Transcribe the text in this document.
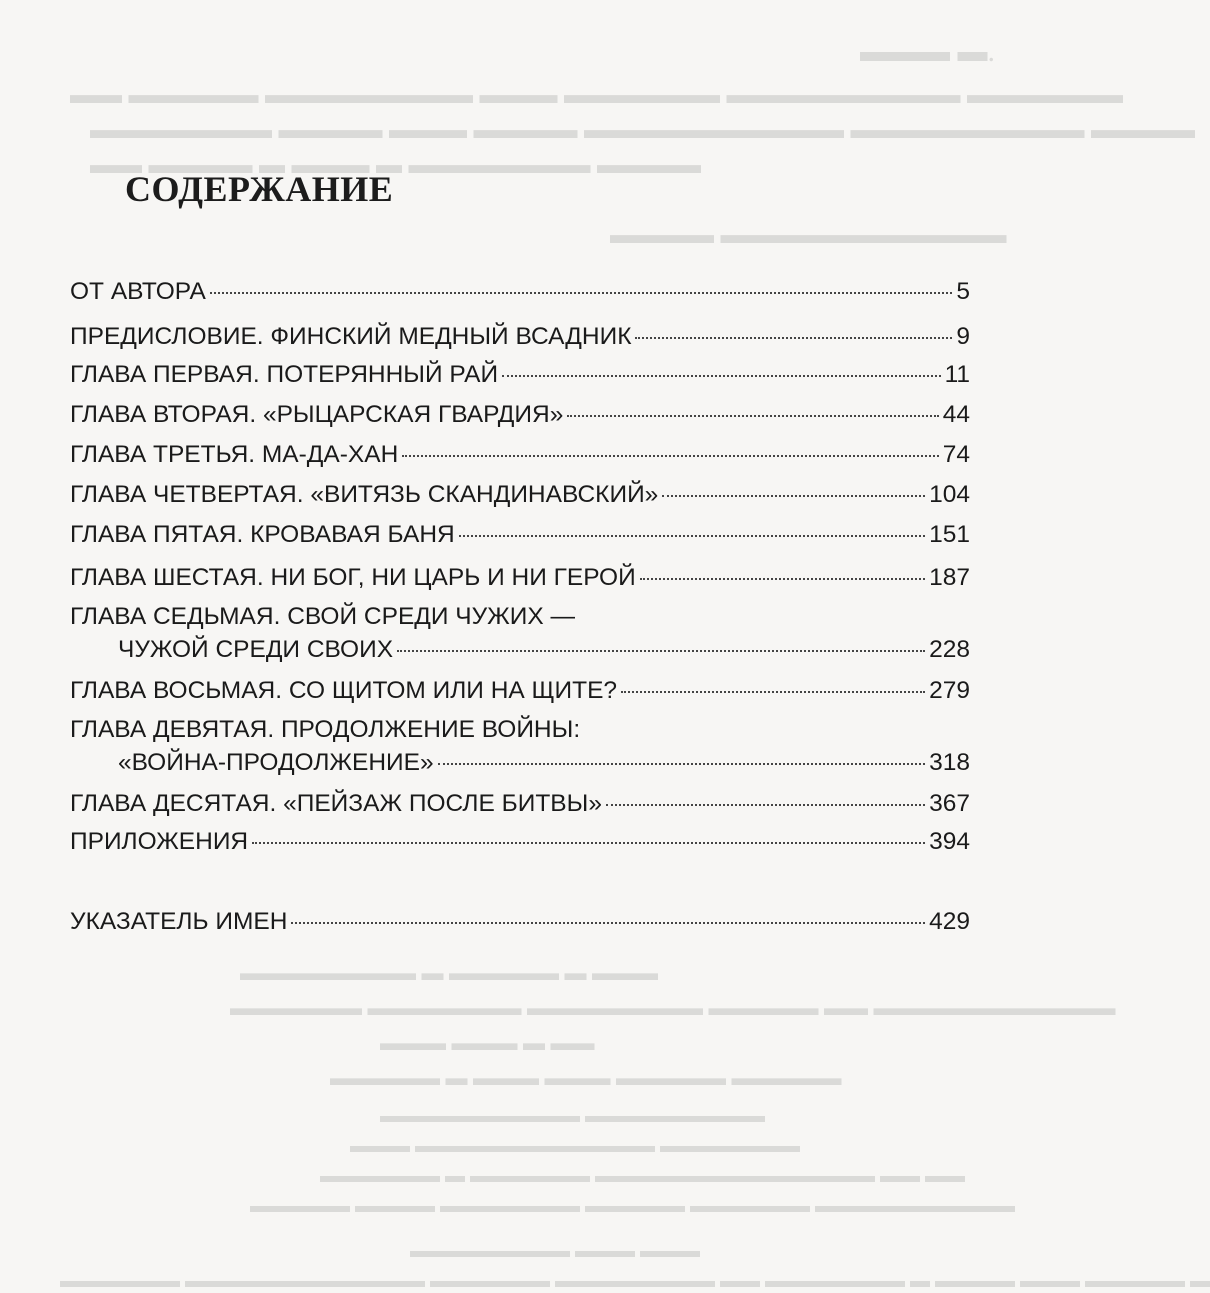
▬▬▬ ▬.
▬▬ ▬▬▬▬▬ ▬▬▬▬▬▬▬▬ ▬▬▬ ▬▬▬▬▬▬ ▬▬▬▬▬▬▬▬▬ ▬▬▬▬▬▬
▬▬▬▬▬▬▬ ▬▬▬▬ ▬▬▬ ▬▬▬▬ ▬▬▬▬▬▬▬▬▬▬ ▬▬▬▬▬▬▬▬▬ ▬▬▬▬
▬▬ ▬▬▬▬ ▬ ▬▬▬ ▬ ▬▬▬▬▬▬▬ ▬▬▬▬
▬▬▬▬ ▬▬▬▬▬▬▬▬▬▬▬
▬▬▬▬▬▬▬▬ ▬ ▬▬▬▬▬ ▬ ▬▬▬
▬▬▬▬▬▬ ▬▬▬▬▬▬▬ ▬▬▬▬▬▬▬▬ ▬▬▬▬▬ ▬▬ ▬▬▬▬▬▬▬▬▬▬▬
▬▬▬ ▬▬▬ ▬ ▬▬
▬▬▬▬▬ ▬ ▬▬▬ ▬▬▬ ▬▬▬▬▬ ▬▬▬▬▬
▬▬▬▬▬▬▬▬▬▬ ▬▬▬▬▬▬▬▬▬
▬▬▬ ▬▬▬▬▬▬▬▬▬▬▬▬ ▬▬▬▬▬▬▬
▬▬▬▬▬▬ ▬ ▬▬▬▬▬▬ ▬▬▬▬▬▬▬▬▬▬▬▬▬▬ ▬▬ ▬▬
▬▬▬▬▬ ▬▬▬▬ ▬▬▬▬▬▬▬ ▬▬▬▬▬ ▬▬▬▬▬▬ ▬▬▬▬▬▬▬▬▬▬
▬▬▬▬▬▬▬▬ ▬▬▬ ▬▬▬
▬▬▬▬▬▬ ▬▬▬▬▬▬▬▬▬▬▬▬ ▬▬▬▬▬▬ ▬▬▬▬▬▬▬▬ ▬▬ ▬▬▬▬▬▬▬ ▬ ▬▬▬▬ ▬▬▬ ▬▬▬▬▬ ▬
СОДЕРЖАНИЕ
ОТ АВТОРА	5
ПРЕДИСЛОВИЕ. ФИНСКИЙ МЕДНЫЙ ВСАДНИК	9
ГЛАВА ПЕРВАЯ. ПОТЕРЯННЫЙ РАЙ	11
ГЛАВА ВТОРАЯ. «РЫЦАРСКАЯ ГВАРДИЯ»	44
ГЛАВА ТРЕТЬЯ. МА-ДА-ХАН	74
ГЛАВА ЧЕТВЕРТАЯ. «ВИТЯЗЬ СКАНДИНАВСКИЙ»	104
ГЛАВА ПЯТАЯ. КРОВАВАЯ БАНЯ	151
ГЛАВА ШЕСТАЯ. НИ БОГ, НИ ЦАРЬ И НИ ГЕРОЙ	187
ГЛАВА СЕДЬМАЯ. СВОЙ СРЕДИ ЧУЖИХ —
ЧУЖОЙ СРЕДИ СВОИХ	228
ГЛАВА ВОСЬМАЯ. СО ЩИТОМ ИЛИ НА ЩИТЕ?	279
ГЛАВА ДЕВЯТАЯ. ПРОДОЛЖЕНИЕ ВОЙНЫ:
«ВОЙНА-ПРОДОЛЖЕНИЕ»	318
ГЛАВА ДЕСЯТАЯ. «ПЕЙЗАЖ ПОСЛЕ БИТВЫ»	367
ПРИЛОЖЕНИЯ	394
УКАЗАТЕЛЬ ИМЕН	429
